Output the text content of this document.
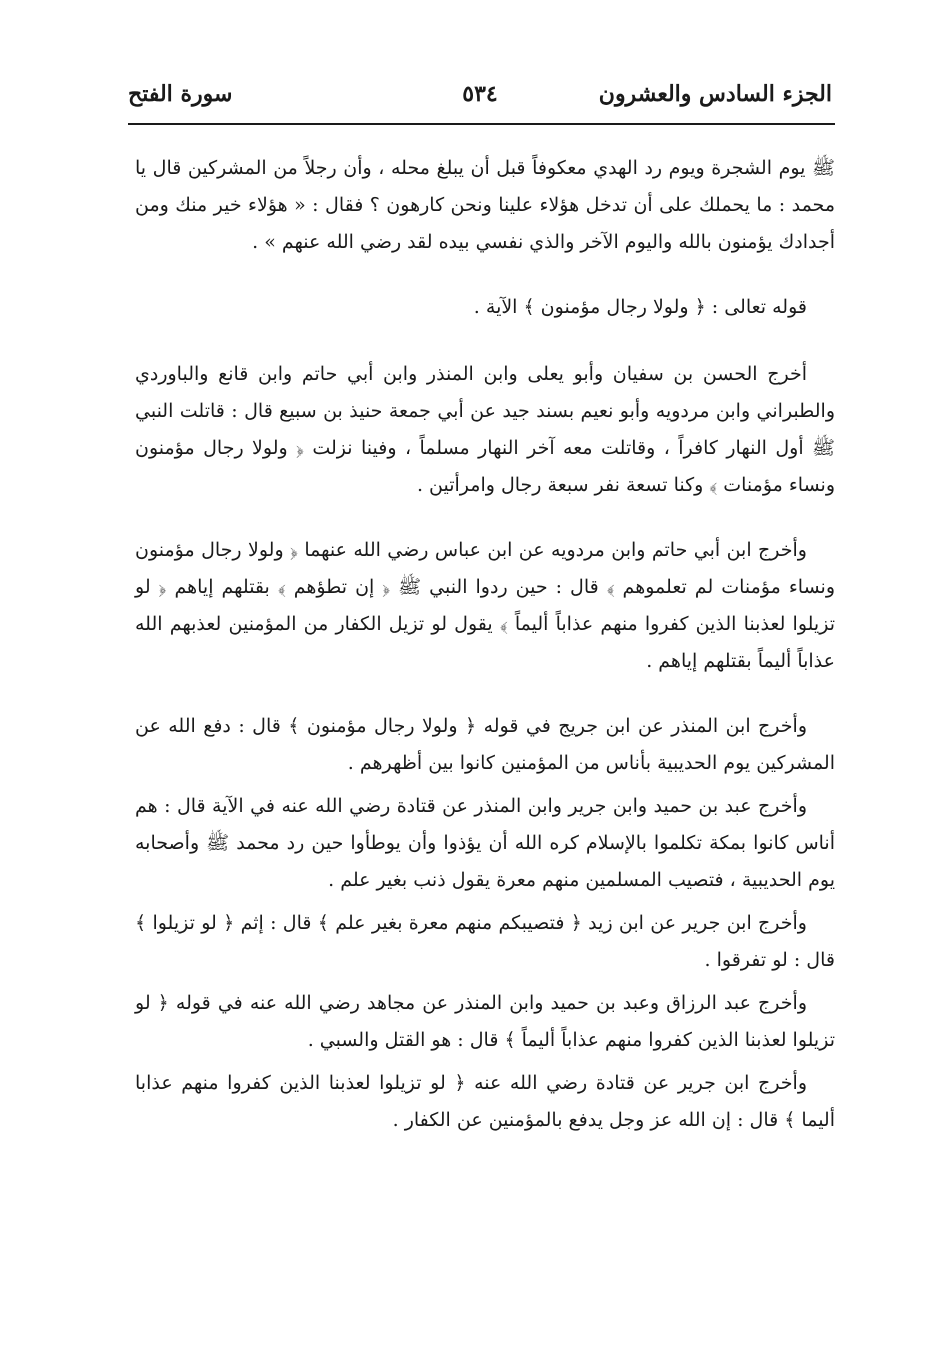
الجزء السادس والعشرون
٥٣٤
سورة الفتح

ﷺ يوم الشجرة ويوم رد الهدي معكوفاً قبل أن يبلغ محله ، وأن رجلاً من المشركين قال يا محمد : ما يحملك على أن تدخل هؤلاء علينا ونحن كارهون ؟ فقال : « هؤلاء خير منك ومن أجدادك يؤمنون بالله واليوم الآخر والذي نفسي بيده لقد رضي الله عنهم » .

قوله تعالى : ﴿ ولولا رجال مؤمنون ﴾ الآية .

أخرج الحسن بن سفيان وأبو يعلى وابن المنذر وابن أبي حاتم وابن قانع والباوردي والطبراني وابن مردويه وأبو نعيم بسند جيد عن أبي جمعة حنيذ بن سبيع قال : قاتلت النبي ﷺ أول النهار كافراً ، وقاتلت معه آخر النهار مسلماً ، وفينا نزلت ﴿ ولولا رجال مؤمنون ونساء مؤمنات ﴾ وكنا تسعة نفر سبعة رجال وامرأتين .

وأخرج ابن أبي حاتم وابن مردويه عن ابن عباس رضي الله عنهما ﴿ ولولا رجال مؤمنون ونساء مؤمنات لم تعلموهم ﴾ قال : حين ردوا النبي ﷺ ﴿ إن تطؤهم ﴾ بقتلهم إياهم ﴿ لو تزيلوا لعذبنا الذين كفروا منهم عذاباً أليماً ﴾ يقول لو تزيل الكفار من المؤمنين لعذبهم الله عذاباً أليماً بقتلهم إياهم .

وأخرج ابن المنذر عن ابن جريج في قوله ﴿ ولولا رجال مؤمنون ﴾ قال : دفع الله عن المشركين يوم الحديبية بأناس من المؤمنين كانوا بين أظهرهم .

وأخرج عبد بن حميد وابن جرير وابن المنذر عن قتادة رضي الله عنه في الآية قال : هم أناس كانوا بمكة تكلموا بالإسلام كره الله أن يؤذوا وأن يوطأوا حين رد محمد ﷺ وأصحابه يوم الحديبية ، فتصيب المسلمين منهم معرة يقول ذنب بغير علم .

وأخرج ابن جرير عن ابن زيد ﴿ فتصيبكم منهم معرة بغير علم ﴾ قال : إثم ﴿ لو تزيلوا ﴾ قال : لو تفرقوا .

وأخرج عبد الرزاق وعبد بن حميد وابن المنذر عن مجاهد رضي الله عنه في قوله ﴿ لو تزيلوا لعذبنا الذين كفروا منهم عذاباً أليماً ﴾ قال : هو القتل والسبي .

وأخرج ابن جرير عن قتادة رضي الله عنه ﴿ لو تزيلوا لعذبنا الذين كفروا منهم عذابا أليما ﴾ قال : إن الله عز وجل يدفع بالمؤمنين عن الكفار .
